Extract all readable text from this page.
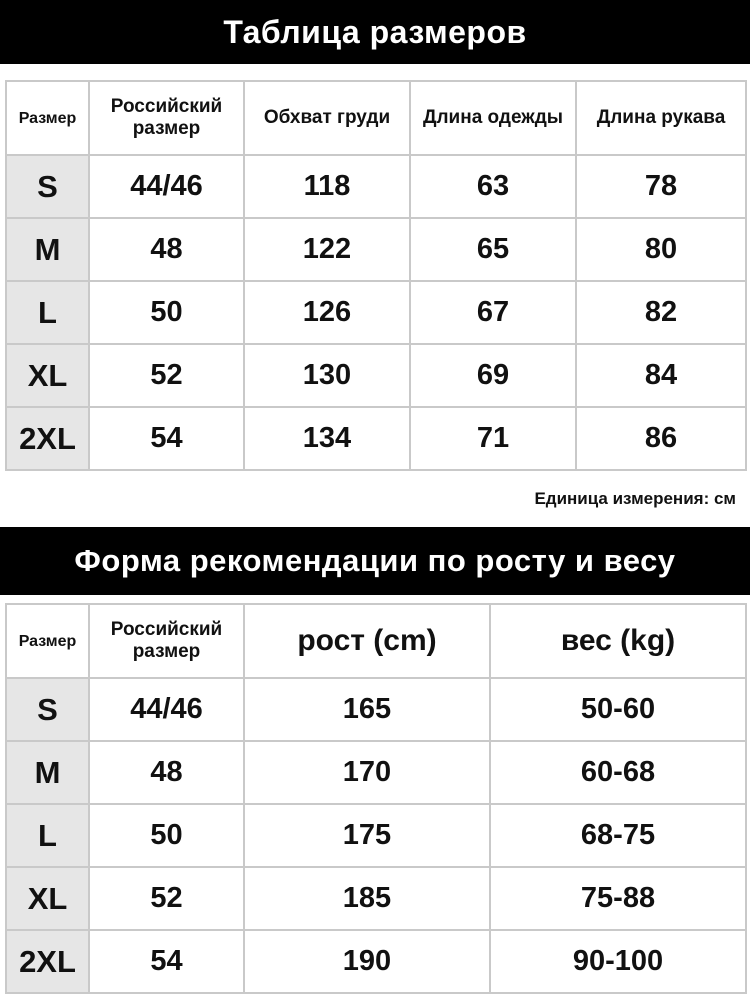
Таблица размеров
Размер	Российский размер	Обхват груди	Длина одежды	Длина рукава
S	44/46	118	63	78
M	48	122	65	80
L	50	126	67	82
XL	52	130	69	84
2XL	54	134	71	86
Единица измерения: см
Форма рекомендации по росту и весу
Размер	Российский размер	рост (cm)	вес (kg)
S	44/46	165	50-60
M	48	170	60-68
L	50	175	68-75
XL	52	185	75-88
2XL	54	190	90-100
